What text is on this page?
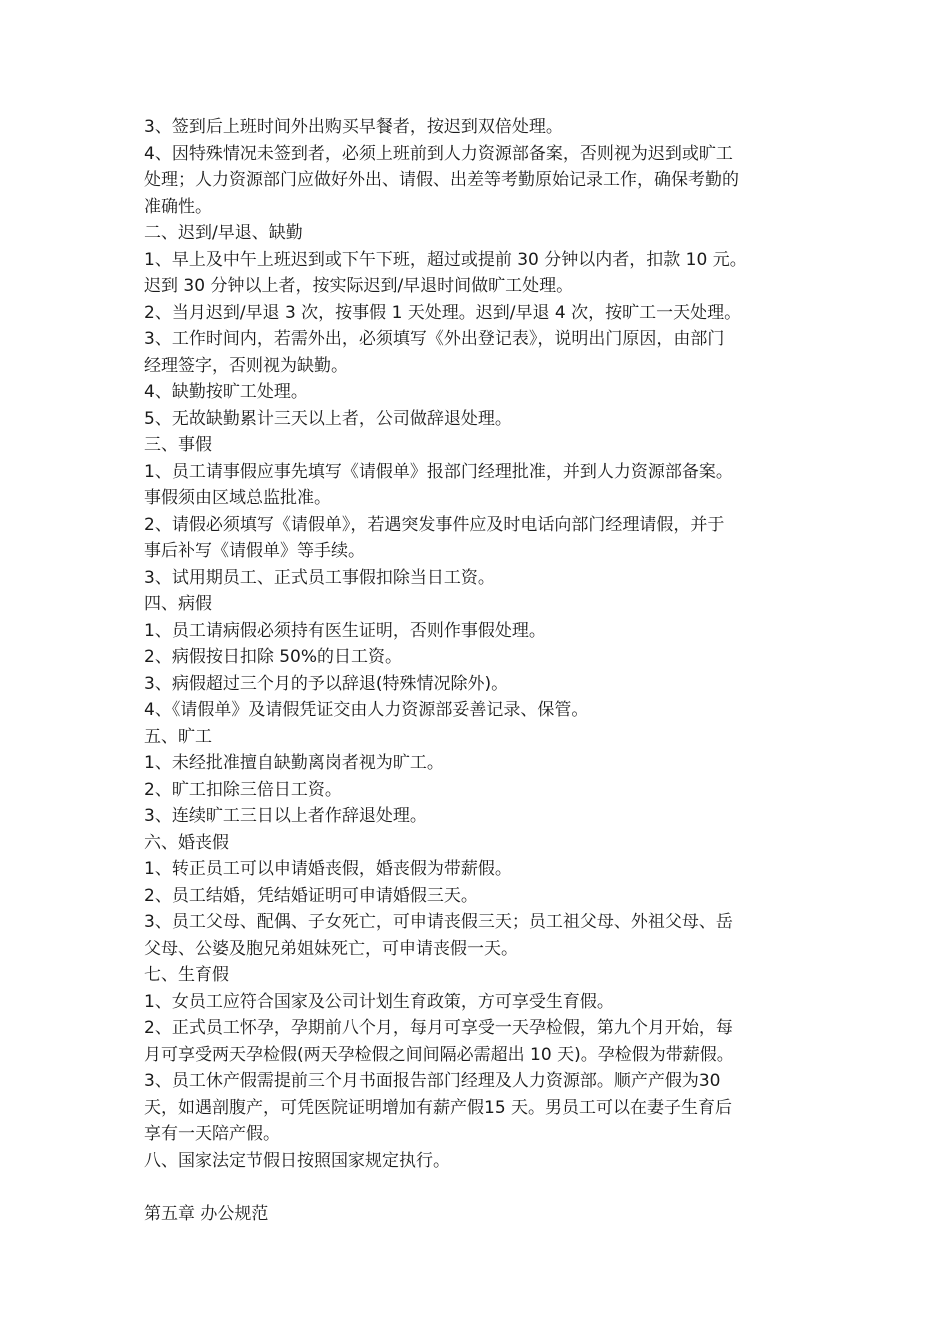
3、签到后上班时间外出购买早餐者，按迟到双倍处理。
4、因特殊情况未签到者，必须上班前到人力资源部备案，否则视为迟到或旷工
处理；人力资源部门应做好外出、请假、出差等考勤原始记录工作，确保考勤的
准确性。
二、迟到/早退、缺勤
1、早上及中午上班迟到或下午下班，超过或提前 30 分钟以内者，扣款 10 元。
迟到 30 分钟以上者，按实际迟到/早退时间做旷工处理。
2、当月迟到/早退 3 次，按事假 1 天处理。迟到/早退 4 次，按旷工一天处理。
3、工作时间内，若需外出，必须填写《外出登记表》，说明出门原因，由部门
经理签字，否则视为缺勤。
4、缺勤按旷工处理。
5、无故缺勤累计三天以上者，公司做辞退处理。
三、事假
1、员工请事假应事先填写《请假单》报部门经理批准，并到人力资源部备案。
事假须由区域总监批准。
2、请假必须填写《请假单》，若遇突发事件应及时电话向部门经理请假，并于
事后补写《请假单》等手续。
3、试用期员工、正式员工事假扣除当日工资。
四、病假
1、员工请病假必须持有医生证明，否则作事假处理。
2、病假按日扣除 50%的日工资。
3、病假超过三个月的予以辞退(特殊情况除外)。
4、《请假单》及请假凭证交由人力资源部妥善记录、保管。
五、旷工
1、未经批准擅自缺勤离岗者视为旷工。
2、旷工扣除三倍日工资。
3、连续旷工三日以上者作辞退处理。
六、婚丧假
1、转正员工可以申请婚丧假，婚丧假为带薪假。
2、员工结婚，凭结婚证明可申请婚假三天。
3、员工父母、配偶、子女死亡，可申请丧假三天；员工祖父母、外祖父母、岳
父母、公婆及胞兄弟姐妹死亡，可申请丧假一天。
七、生育假
1、女员工应符合国家及公司计划生育政策，方可享受生育假。
2、正式员工怀孕，孕期前八个月，每月可享受一天孕检假，第九个月开始，每
月可享受两天孕检假(两天孕检假之间间隔必需超出 10 天)。孕检假为带薪假。
3、员工休产假需提前三个月书面报告部门经理及人力资源部。顺产产假为30
天，如遇剖腹产，可凭医院证明增加有薪产假15 天。男员工可以在妻子生育后
享有一天陪产假。
八、国家法定节假日按照国家规定执行。
第五章 办公规范
